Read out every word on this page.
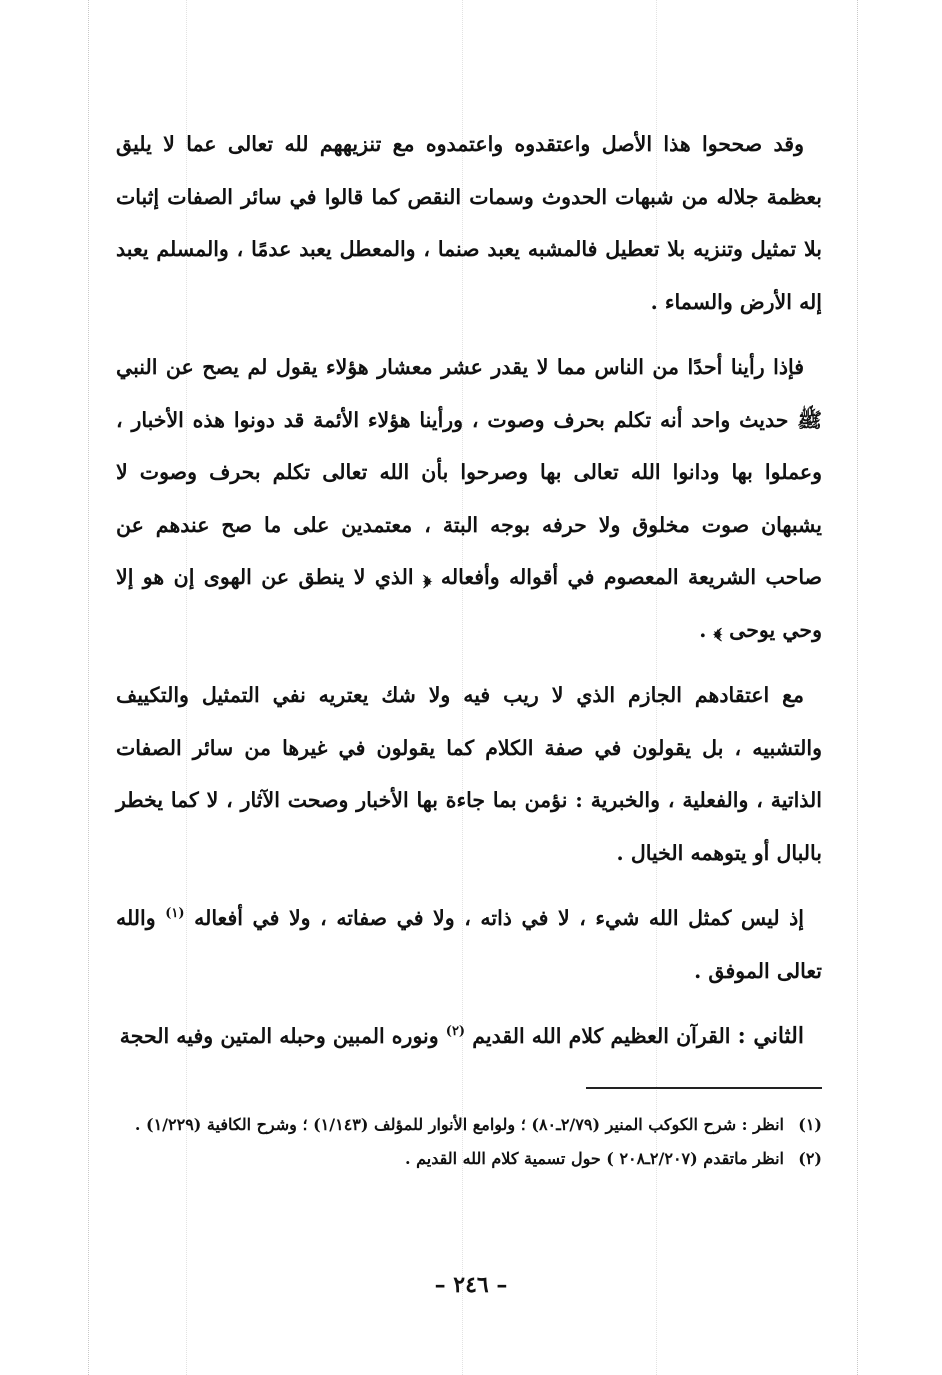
وقد صححوا هذا الأصل واعتقدوه واعتمدوه مع تنزيههم لله تعالى عما لا يليق بعظمة جلاله من شبهات الحدوث وسمات النقص كما قالوا في سائر الصفات إثبات بلا تمثيل وتنزيه بلا تعطيل فالمشبه يعبد صنما ، والمعطل يعبد عدمًا ، والمسلم يعبد إله الأرض والسماء .

فإذا رأينا أحدًا من الناس مما لا يقدر عشر معشار هؤلاء يقول لم يصح عن النبي ﷺ حديث واحد أنه تكلم بحرف وصوت ، ورأينا هؤلاء الأئمة قد دونوا هذه الأخبار ، وعملوا بها ودانوا الله تعالى بها وصرحوا بأن الله تعالى تكلم بحرف وصوت لا يشبهان صوت مخلوق ولا حرفه بوجه البتة ، معتمدين على ما صح عندهم عن صاحب الشريعة المعصوم في أقواله وأفعاله ﴿ الذي لا ينطق عن الهوى إن هو إلا وحي يوحى ﴾ .

مع اعتقادهم الجازم الذي لا ريب فيه ولا شك يعتريه نفي التمثيل والتكييف والتشبيه ، بل يقولون في صفة الكلام كما يقولون في غيرها من سائر الصفات الذاتية ، والفعلية ، والخبرية : نؤمن بما جاءة بها الأخبار وصحت الآثار ، لا كما يخطر بالبال أو يتوهمه الخيال .

إذ ليس كمثل الله شيء ، لا في ذاته ، ولا في صفاته ، ولا في أفعاله $^{(١)}$ والله تعالى الموفق .

الثاني : القرآن العظيم كلام الله القديم $^{(٢)}$ ونوره المبين وحبله المتين وفيه الحجة

(١)
انظر : شرح الكوكب المنير (٢/٧٩ـ٨٠) ؛ ولوامع الأنوار للمؤلف (١/١٤٣) ؛ وشرح الكافية (١/٢٢٩) .

(٢)
انظر ماتقدم (٢/٢٠٧ـ٢٠٨ ) حول تسمية كلام الله القديم .

– ٢٤٦ –
